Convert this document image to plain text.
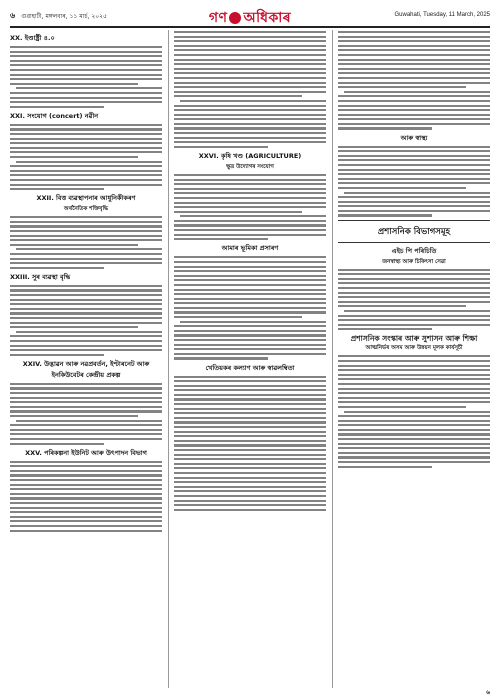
৬ গুৱাহাটী, মঙ্গলবাৰ, ১১ মাৰ্চ, ২০২৫	গণ অধিকাৰ	Guwahati, Tuesday, 11 March, 2025
XX. ইণ্ডাষ্ট্ৰী ৪.০
XXI. সংযোগ (concert) নৱীন
XXII. বিত্ত ব্যৱস্থাপনাৰ আধুনিকীকৰণ
অৰ্থনৈতিক শক্তিবৃদ্ধি
XXIII. সুৰ ব্যৱস্থা বৃদ্ধি
XXIV. উদ্ভাৱন আৰু নৱপ্ৰবৰ্তন, ইণ্টাৰনেট আৰু ইনকিউবেটৰ কেন্দ্ৰীয় প্ৰকল্প
XXV. পৰিকল্পনা ইউনিট আৰু উৎপাদন বিভাগ
XXVI. কৃষি খণ্ড (AGRICULTURE)
ক্ষুদ্ৰ উদ্যোগৰ সংযোগ
আমাৰ ভূমিকা প্ৰসাৰণ
খেতিয়কৰ কল্যাণ আৰু স্বাৱলম্বিতা
আৰু স্বাস্থ্য
প্ৰশাসনিক বিভাগসমূহ
এইচ পি পৰিচিতি
জনস্বাস্থ্য আৰু চিকিৎসা সেৱা
প্ৰশাসনিক সংস্কাৰ আৰু সুশাসন আৰু শিক্ষা
আত্মনিৰ্ভৰ অসম আৰু উন্নয়ন মূলক কাৰ্যসূচী
৬
